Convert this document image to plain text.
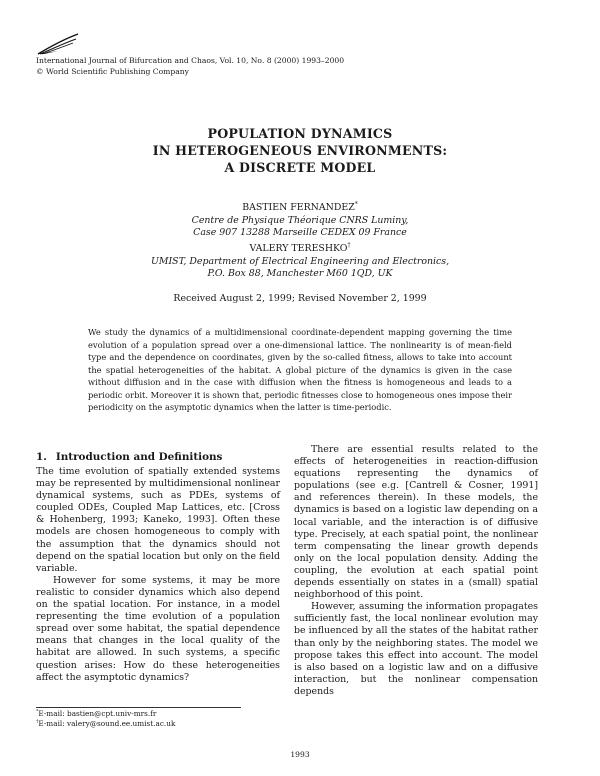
International Journal of Bifurcation and Chaos, Vol. 10, No. 8 (2000) 1993–2000
© World Scientific Publishing Company
POPULATION DYNAMICS
IN HETEROGENEOUS ENVIRONMENTS:
A DISCRETE MODEL
BASTIEN FERNANDEZ*
Centre de Physique Théorique CNRS Luminy,
Case 907 13288 Marseille CEDEX 09 France
VALERY TERESHKO†
UMIST, Department of Electrical Engineering and Electronics,
P.O. Box 88, Manchester M60 1QD, UK
Received August 2, 1999; Revised November 2, 1999
We study the dynamics of a multidimensional coordinate-dependent mapping governing the time evolution of a population spread over a one-dimensional lattice. The nonlinearity is of mean-field type and the dependence on coordinates, given by the so-called fitness, allows to take into account the spatial heterogeneities of the habitat. A global picture of the dynamics is given in the case without diffusion and in the case with diffusion when the fitness is homogeneous and leads to a periodic orbit. Moreover it is shown that, periodic fitnesses close to homogeneous ones impose their periodicity on the asymptotic dynamics when the latter is time-periodic.
1. Introduction and Definitions

The time evolution of spatially extended systems may be represented by multidimensional nonlinear dynamical systems, such as PDEs, systems of coupled ODEs, Coupled Map Lattices, etc. [Cross & Hohenberg, 1993; Kaneko, 1993]. Often these models are chosen homogeneous to comply with the assumption that the dynamics should not depend on the spatial location but only on the field variable.

However for some systems, it may be more realistic to consider dynamics which also depend on the spatial location. For instance, in a model representing the time evolution of a population spread over some habitat, the spatial dependence means that changes in the local quality of the habitat are allowed. In such systems, a specific question arises: How do these heterogeneities affect the asymptotic dynamics?

There are essential results related to the effects of heterogeneities in reaction-diffusion equations representing the dynamics of populations (see e.g. [Cantrell & Cosner, 1991] and references therein). In these models, the dynamics is based on a logistic law depending on a local variable, and the interaction is of diffusive type. Precisely, at each spatial point, the nonlinear term compensating the linear growth depends only on the local population density. Adding the coupling, the evolution at each spatial point depends essentially on states in a (small) spatial neighborhood of this point.

However, assuming the information propagates sufficiently fast, the local nonlinear evolution may be influenced by all the states of the habitat rather than only by the neighboring states. The model we propose takes this effect into account. The model is also based on a logistic law and on a diffusive interaction, but the nonlinear compensation depends

*E-mail: bastien@cpt.univ-mrs.fr
†E-mail: valery@sound.ee.umist.ac.uk
1993
